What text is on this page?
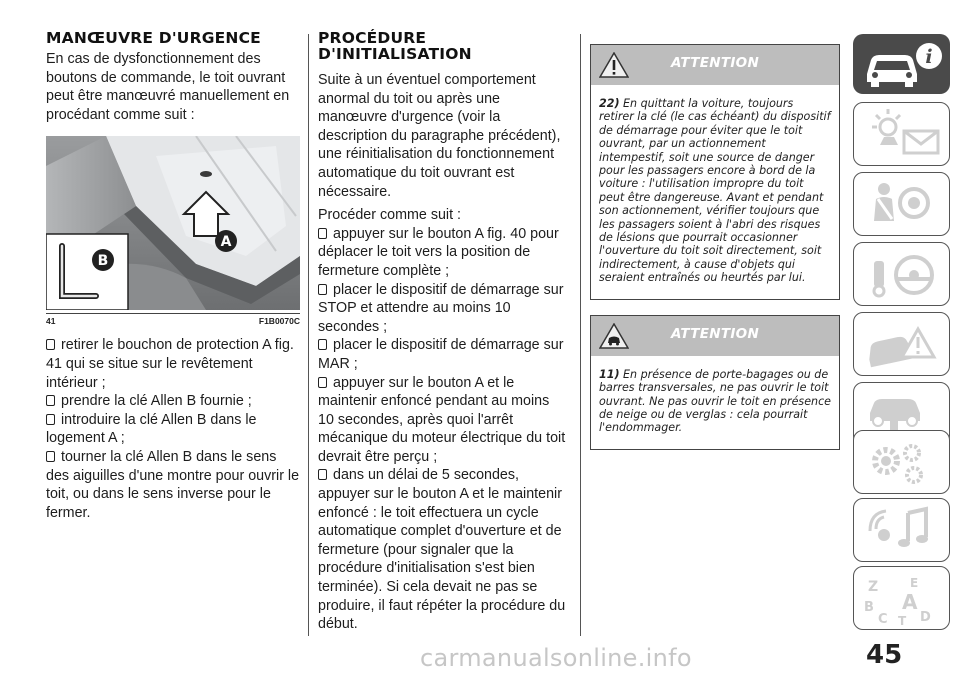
MANŒUVRE D'URGENCE

En cas de dysfonctionnement des boutons de commande, le toit ouvrant peut être manœuvré manuellement en procédant comme suit :

A
B
41	F1B0070C

retirer le bouchon de protection A fig. 41 qui se situe sur le revêtement intérieur ;

prendre la clé Allen B fournie ;

introduire la clé Allen B dans le logement A ;

tourner la clé Allen B dans le sens des aiguilles d'une montre pour ouvrir le toit, ou dans le sens inverse pour le fermer.

PROCÉDURE
D'INITIALISATION

Suite à un éventuel comportement anormal du toit ou après une manœuvre d'urgence (voir la description du paragraphe précédent), une réinitialisation du fonctionnement automatique du toit ouvrant est nécessaire.

Procéder comme suit :

appuyer sur le bouton A fig. 40 pour déplacer le toit vers la position de fermeture complète ;

placer le dispositif de démarrage sur STOP et attendre au moins 10 secondes ;

placer le dispositif de démarrage sur MAR ;

appuyer sur le bouton A et le maintenir enfoncé pendant au moins 10 secondes, après quoi l'arrêt mécanique du moteur électrique du toit devrait être perçu ;

dans un délai de 5 secondes, appuyer sur le bouton A et le maintenir enfoncé : le toit effectuera un cycle automatique complet d'ouverture et de fermeture (pour signaler que la procédure d'initialisation s'est bien terminée). Si cela devait ne pas se produire, il faut répéter la procédure du début.

ATTENTION
22) En quittant la voiture, toujours retirer la clé (le cas échéant) du dispositif de démarrage pour éviter que le toit ouvrant, par un actionnement intempestif, soit une source de danger pour les passagers encore à bord de la voiture : l'utilisation impropre du toit peut être dangereuse. Avant et pendant son actionnement, vérifier toujours que les passagers soient à l'abri des risques de lésions que pourrait occasionner l'ouverture du toit soit directement, soit indirectement, à cause d'objets qui seraient entraînés ou heurtés par lui.
ATTENTION
11) En présence de porte-bagages ou de barres transversales, ne pas ouvrir le toit ouvrant. Ne pas ouvrir le toit en présence de neige ou de verglas : cela pourrait l'endommager.
i
Z	E
B A
C T D
45
carmanualsonline.info
